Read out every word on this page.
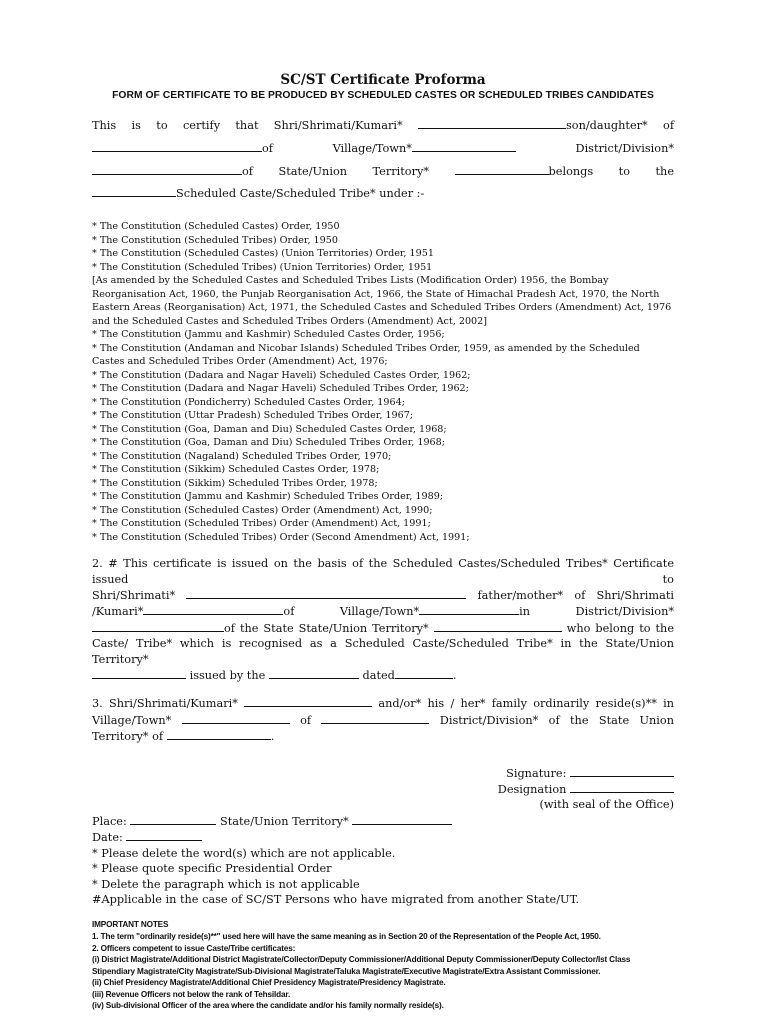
SC/ST Certificate Proforma
FORM OF CERTIFICATE TO BE PRODUCED BY SCHEDULED CASTES OR SCHEDULED TRIBES CANDIDATES
This is to certify that Shri/Shrimati/Kumari*	son/daughter* of
of	Village/Town*	District/Division*
of State/Union Territory*	belongs to the
Scheduled Caste/Scheduled Tribe* under :-
* The Constitution (Scheduled Castes) Order, 1950
* The Constitution (Scheduled Tribes) Order, 1950
* The Constitution (Scheduled Castes) (Union Territories) Order, 1951
* The Constitution (Scheduled Tribes) (Union Territories) Order, 1951
[As amended by the Scheduled Castes and Scheduled Tribes Lists (Modification Order) 1956, the Bombay Reorganisation Act, 1960, the Punjab Reorganisation Act, 1966, the State of Himachal Pradesh Act, 1970, the North Eastern Areas (Reorganisation) Act, 1971, the Scheduled Castes and Scheduled Tribes Orders (Amendment) Act, 1976 and the Scheduled Castes and Scheduled Tribes Orders (Amendment) Act, 2002]
* The Constitution (Jammu and Kashmir) Scheduled Castes Order, 1956;
* The Constitution (Andaman and Nicobar Islands) Scheduled Tribes Order, 1959, as amended by the Scheduled Castes and Scheduled Tribes Order (Amendment) Act, 1976;
* The Constitution (Dadara and Nagar Haveli) Scheduled Castes Order, 1962;
* The Constitution (Dadara and Nagar Haveli) Scheduled Tribes Order, 1962;
* The Constitution (Pondicherry) Scheduled Castes Order, 1964;
* The Constitution (Uttar Pradesh) Scheduled Tribes Order, 1967;
* The Constitution (Goa, Daman and Diu) Scheduled Castes Order, 1968;
* The Constitution (Goa, Daman and Diu) Scheduled Tribes Order, 1968;
* The Constitution (Nagaland) Scheduled Tribes Order, 1970;
* The Constitution (Sikkim) Scheduled Castes Order, 1978;
* The Constitution (Sikkim) Scheduled Tribes Order, 1978;
* The Constitution (Jammu and Kashmir) Scheduled Tribes Order, 1989;
* The Constitution (Scheduled Castes) Order (Amendment) Act, 1990;
* The Constitution (Scheduled Tribes) Order (Amendment) Act, 1991;
* The Constitution (Scheduled Tribes) Order (Second Amendment) Act, 1991;
2. # This certificate is issued on the basis of the Scheduled Castes/Scheduled Tribes* Certificate issued to
Shri/Shrimati*	father/mother* of Shri/Shrimati
/Kumari*	of	Village/Town*	in	District/Division*
of the State State/Union Territory*	who belong to the
Caste/ Tribe* which is recognised as a Scheduled Caste/Scheduled Tribe* in the State/Union Territory*
issued by the	dated	.
3. Shri/Shrimati/Kumari*	and/or* his / her* family ordinarily reside(s)** in
Village/Town*	of	District/Division* of the State Union
Territory* of	.
Signature:
Designation
(with seal of the Office)
Place:	State/Union Territory*
Date:
* Please delete the word(s) which are not applicable.
* Please quote specific Presidential Order
* Delete the paragraph which is not applicable
#Applicable in the case of SC/ST Persons who have migrated from another State/UT.
IMPORTANT NOTES
1. The term "ordinarily reside(s)**" used here will have the same meaning as in Section 20 of the Representation of the People Act, 1950.
2. Officers competent to issue Caste/Tribe certificates:
(i) District Magistrate/Additional District Magistrate/Collector/Deputy Commissioner/Additional Deputy Commissioner/Deputy Collector/Ist Class Stipendiary Magistrate/City Magistrate/Sub-Divisional Magistrate/Taluka Magistrate/Executive Magistrate/Extra Assistant Commissioner.
(ii) Chief Presidency Magistrate/Additional Chief Presidency Magistrate/Presidency Magistrate.
(iii) Revenue Officers not below the rank of Tehsildar.
(iv) Sub-divisional Officer of the area where the candidate and/or his family normally reside(s).
